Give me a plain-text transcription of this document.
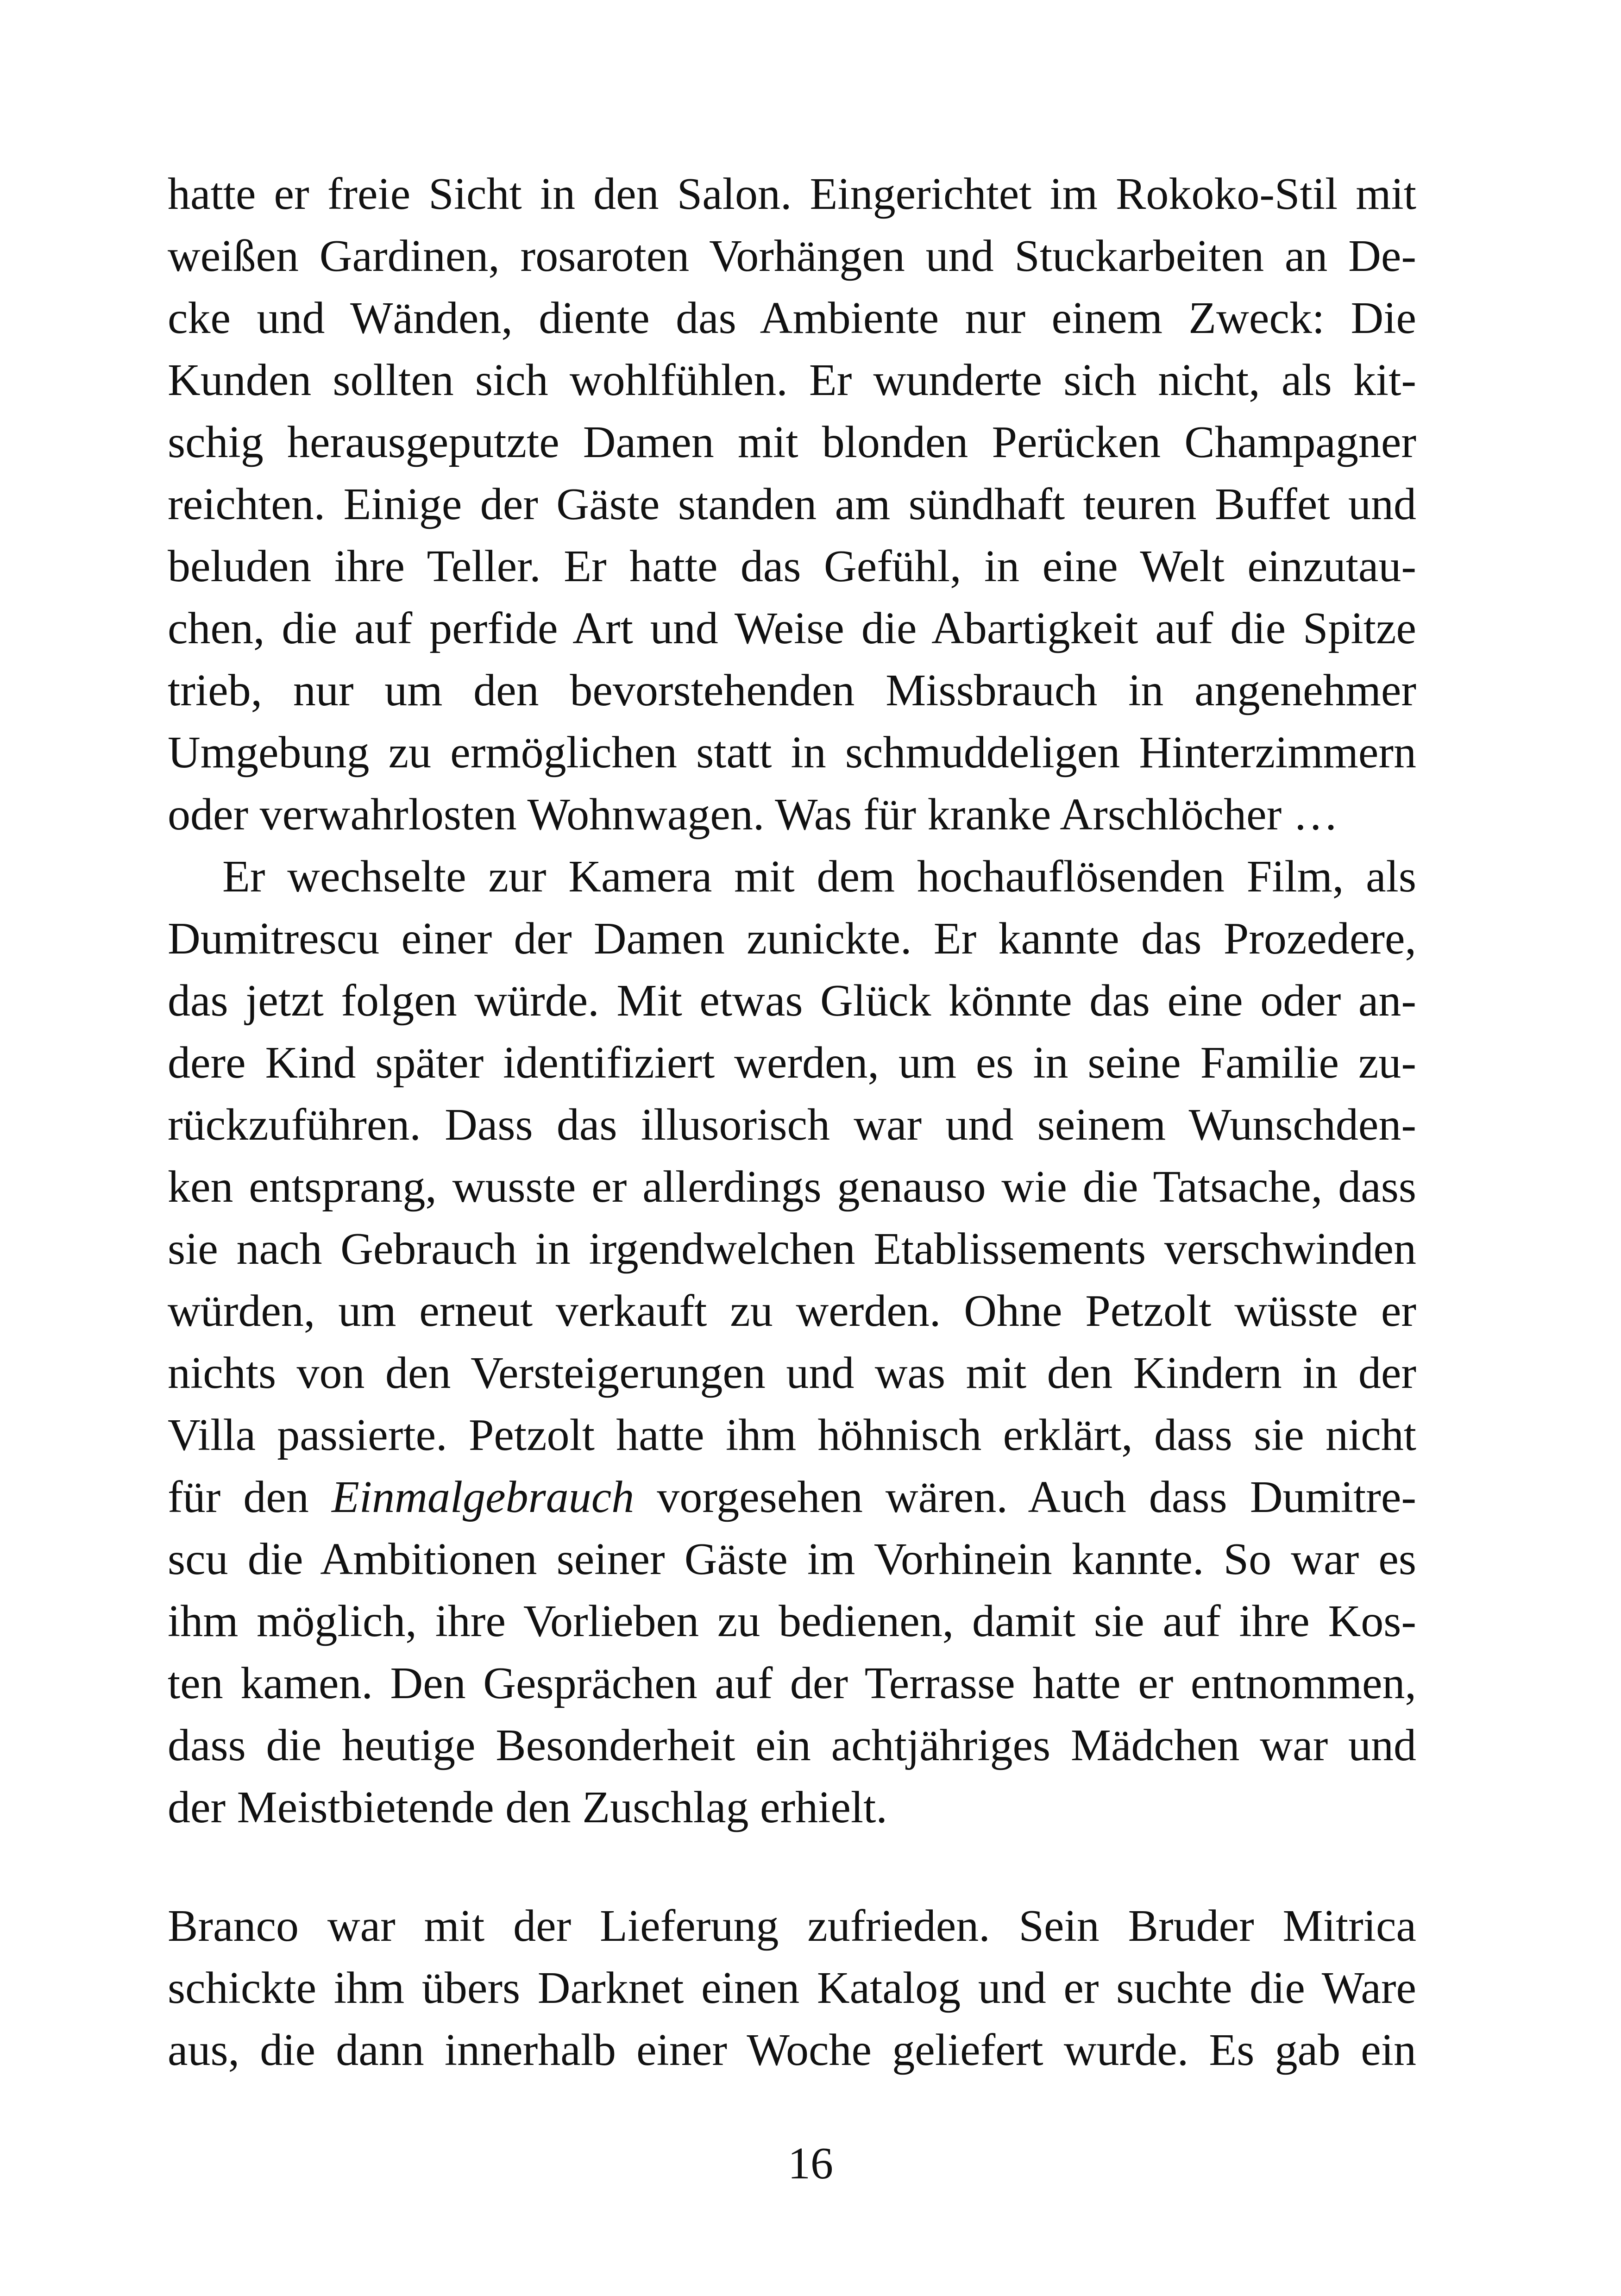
hatte er freie Sicht in den Salon. Eingerichtet im Rokoko-Stil mit
weißen Gardinen, rosaroten Vorhängen und Stuckarbeiten an De-
cke und Wänden, diente das Ambiente nur einem Zweck: Die
Kunden sollten sich wohlfühlen. Er wunderte sich nicht, als kit-
schig herausgeputzte Damen mit blonden Perücken Champagner
reichten. Einige der Gäste standen am sündhaft teuren Buffet und
beluden ihre Teller. Er hatte das Gefühl, in eine Welt einzutau-
chen, die auf perfide Art und Weise die Abartigkeit auf die Spitze
trieb, nur um den bevorstehenden Missbrauch in angenehmer
Umgebung zu ermöglichen statt in schmuddeligen Hinterzimmern
oder verwahrlosten Wohnwagen. Was für kranke Arschlöcher …
Er wechselte zur Kamera mit dem hochauflösenden Film, als
Dumitrescu einer der Damen zunickte. Er kannte das Prozedere,
das jetzt folgen würde. Mit etwas Glück könnte das eine oder an-
dere Kind später identifiziert werden, um es in seine Familie zu-
rückzuführen. Dass das illusorisch war und seinem Wunschden-
ken entsprang, wusste er allerdings genauso wie die Tatsache, dass
sie nach Gebrauch in irgendwelchen Etablissements verschwinden
würden, um erneut verkauft zu werden. Ohne Petzolt wüsste er
nichts von den Versteigerungen und was mit den Kindern in der
Villa passierte. Petzolt hatte ihm höhnisch erklärt, dass sie nicht
für den Einmalgebrauch vorgesehen wären. Auch dass Dumitre-
scu die Ambitionen seiner Gäste im Vorhinein kannte. So war es
ihm möglich, ihre Vorlieben zu bedienen, damit sie auf ihre Kos-
ten kamen. Den Gesprächen auf der Terrasse hatte er entnommen,
dass die heutige Besonderheit ein achtjähriges Mädchen war und
der Meistbietende den Zuschlag erhielt.
Branco war mit der Lieferung zufrieden. Sein Bruder Mitrica
schickte ihm übers Darknet einen Katalog und er suchte die Ware
aus, die dann innerhalb einer Woche geliefert wurde. Es gab ein
16
